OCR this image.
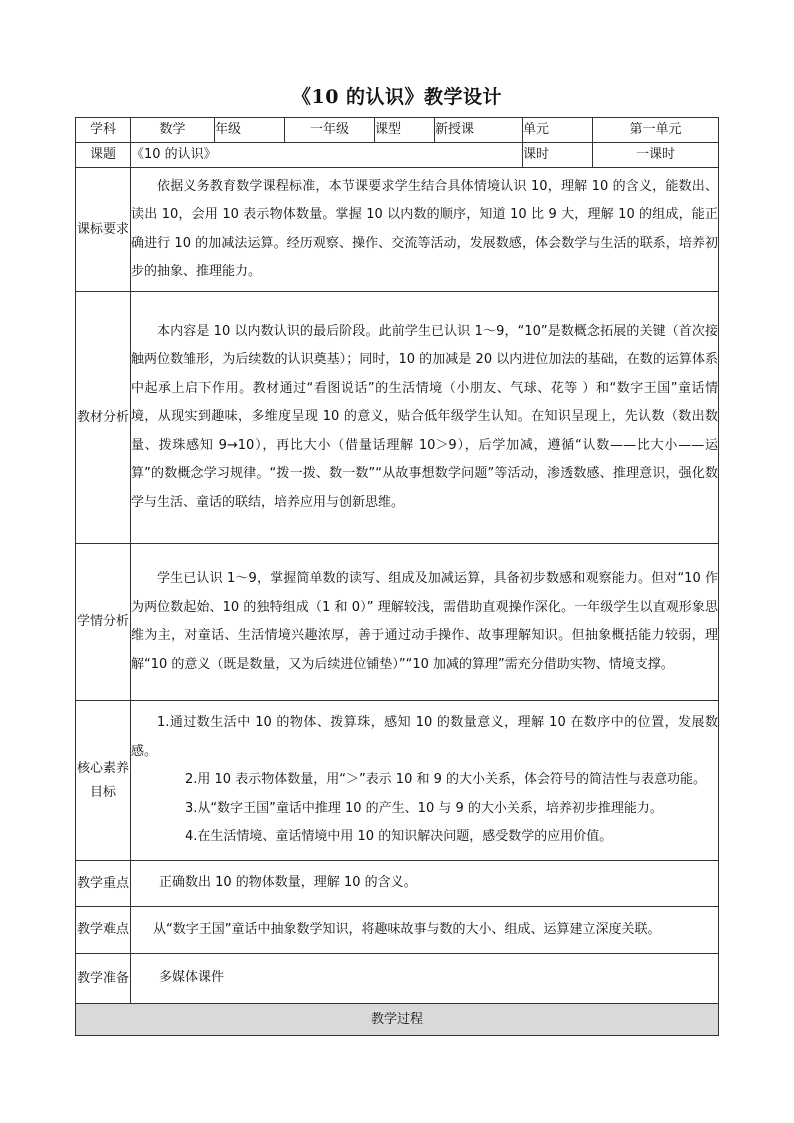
《10 的认识》教学设计
学科	数学	年级	一年级	课型	新授课	单元	第一单元
课题	《10 的认识》					课时	一课时
课标要求	依据义务教育数学课程标准，本节课要求学生结合具体情境认识 10，理解 10 的含义，能数出、读出 10，会用 10 表示物体数量。掌握 10 以内数的顺序，知道 10 比 9 大，理解 10 的组成，能正确进行 10 的加减法运算。经历观察、操作、交流等活动，发展数感，体会数学与生活的联系，培养初步的抽象、推理能力。						

教材分析	本内容是 10 以内数认识的最后阶段。此前学生已认识 1～9，“10”是数概念拓展的关键（首次接触两位数雏形，为后续数的认识奠基）；同时，10 的加减是 20 以内进位加法的基础，在数的运算体系中起承上启下作用。教材通过“看图说话”的生活情境（小朋友、气球、花等 ）和“数字王国”童话情境，从现实到趣味，多维度呈现 10 的意义，贴合低年级学生认知。在知识呈现上，先认数（数出数量、拨珠感知 9→10），再比大小（借量话理解 10＞9），后学加减，遵循“认数——比大小——运算”的数概念学习规律。“拨一拨、数一数”“从故事想数学问题”等活动，渗透数感、推理意识，强化数学与生活、童话的联结，培养应用与创新思维。						

学情分析	学生已认识 1～9，掌握简单数的读写、组成及加减运算，具备初步数感和观察能力。但对“10 作为两位数起始、10 的独特组成（1 和 0）” 理解较浅，需借助直观操作深化。一年级学生以直观形象思维为主，对童话、生活情境兴趣浓厚，善于通过动手操作、故事理解知识。但抽象概括能力较弱，理解“10 的意义（既是数量，又为后续进位铺垫）”“10 加减的算理”需充分借助实物、情境支撑。						

核心素养目标	1.通过数生活中 10 的物体、拨算珠，感知 10 的数量意义，理解 10 在数序中的位置，发展数感。

2.用 10 表示物体数量，用“＞”表示 10 和 9 的大小关系，体会符号的简洁性与表意功能。

3.从“数字王国”童话中推理 10 的产生、10 与 9 的大小关系，培养初步推理能力。

4.在生活情境、童话情境中用 10 的知识解决问题，感受数学的应用价值。						

教学重点	正确数出 10 的物体数量，理解 10 的含义。						

教学难点	从“数字王国”童话中抽象数学知识，将趣味故事与数的大小、组成、运算建立深度关联。						

教学准备	多媒体课件						

教学过程							
